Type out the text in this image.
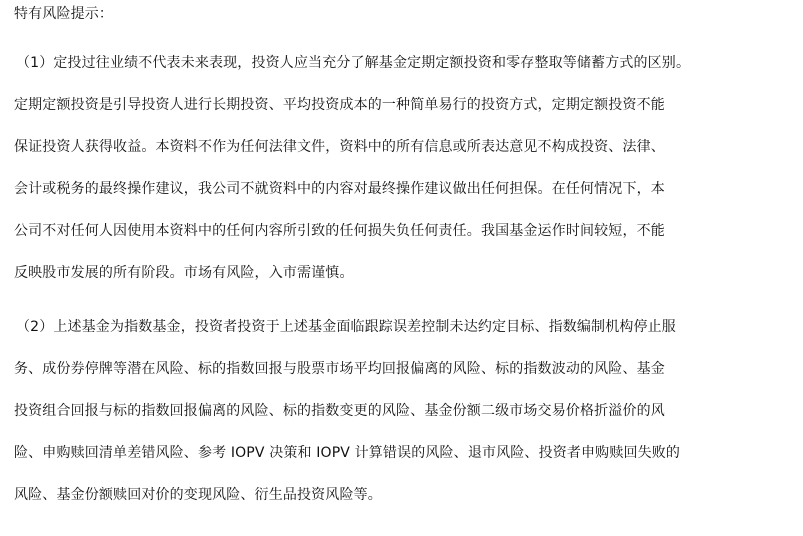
特有风险提示：
（1）定投过往业绩不代表未来表现，投资人应当充分了解基金定期定额投资和零存整取等储蓄方式的区别。
定期定额投资是引导投资人进行长期投资、平均投资成本的一种简单易行的投资方式，定期定额投资不能
保证投资人获得收益。本资料不作为任何法律文件，资料中的所有信息或所表达意见不构成投资、法律、
会计或税务的最终操作建议，我公司不就资料中的内容对最终操作建议做出任何担保。在任何情况下，本
公司不对任何人因使用本资料中的任何内容所引致的任何损失负任何责任。我国基金运作时间较短，不能
反映股市发展的所有阶段。市场有风险，入市需谨慎。
（2）上述基金为指数基金，投资者投资于上述基金面临跟踪误差控制未达约定目标、指数编制机构停止服
务、成份券停牌等潜在风险、标的指数回报与股票市场平均回报偏离的风险、标的指数波动的风险、基金
投资组合回报与标的指数回报偏离的风险、标的指数变更的风险、基金份额二级市场交易价格折溢价的风
险、申购赎回清单差错风险、参考 IOPV 决策和 IOPV 计算错误的风险、退市风险、投资者申购赎回失败的
风险、基金份额赎回对价的变现风险、衍生品投资风险等。
